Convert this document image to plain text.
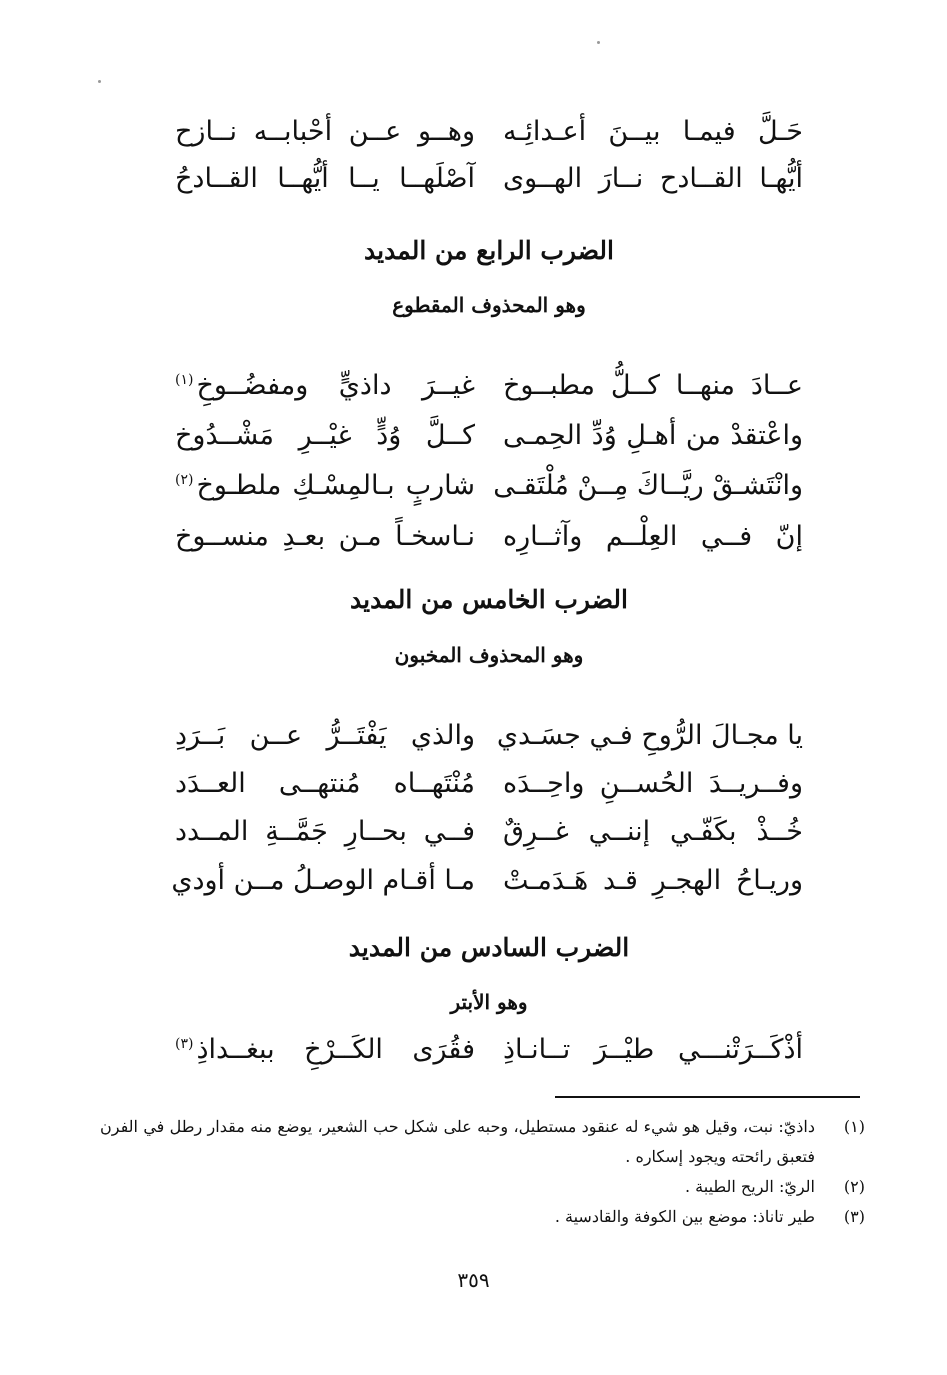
حَـلَّ فيمـا بيــنَ أعـدائِـه
وهــو عــن أحْبابــه نــازح
أيُّهـا القــادح نــارَ الهــوى
آصْلَهــا يــا أيُّهــا القــادحُ
الضرب الرابع من المديد
وهو المحذوف المقطوع
عــادَ منهــا كــلُّ مطبــوخ
غيــرَ داذيٍّ ومفضُــوخِ$^{(١)}$
واعْتقدْ من أهـلِ وُدِّ الحِمـى
كــلَّ وُدٍّ غيْــرِ مَشْــدُوخ
وانْتَشـقْ ريَّــاكَ مِــنْ مُلْتَقـى
شاربٍ بـالمِسْـكِ ملطـوخ$^{(٢)}$
إنّ فــي العِلْــم وآثــارِه
نـاسخـاً مـن بعـدِ منســوخ
الضرب الخامس من المديد
وهو المحذوف المخبون
يا مجـالَ الرُّوحِ فـي جسَـدي
والذي يَفْتَــرُّ عــن بَــرَدِ
وفــريــدَ الحُســنِ واحِــدَه
مُنْتَهــاه مُنتهــى العــدَد
خُــذْ بكَفّـي إننــي غــرِقٌ
فــي بحــارِ جَمَّــةِ المــدد
وريـاحُ الهجـرِ قـد هَـدَمـتْ
مـا أقـام الوصـلُ مــن أودي
الضرب السادس من المديد
وهو الأبتر
أذْكَــرَتْنـــي طيْــرَ تــانـاذِ
فقُرَى الكَــرْخِ ببغــداذِ$^{(٣)}$
(١)
داذيّ: نبت، وقيل هو شيء له عنقود مستطيل، وحبه على شكل حب الشعير، يوضع منه مقدار رطل في الفرن فتعبق رائحته ويجود إسكاره .
(٢)
الريّ: الريح الطيبة .
(٣)
طير تاناذ: موضع بين الكوفة والقادسية .
٣٥٩
